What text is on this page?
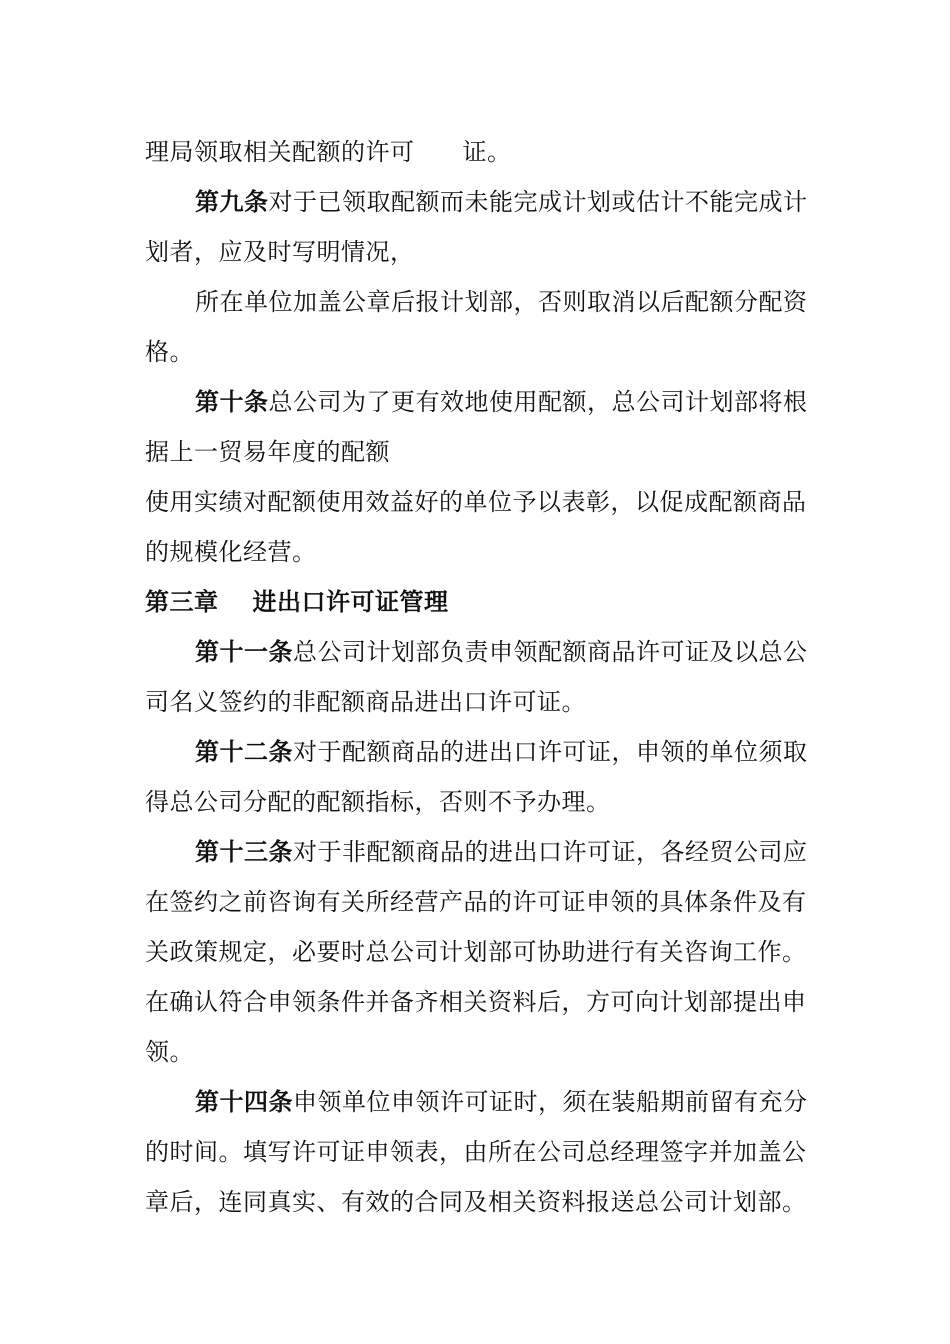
理局领取相关配额的许可 证。
第九条对于已领取配额而未能完成计划或估计不能完成计
划者，应及时写明情况，
所在单位加盖公章后报计划部，否则取消以后配额分配资
格。
第十条总公司为了更有效地使用配额，总公司计划部将根
据上一贸易年度的配额
使用实绩对配额使用效益好的单位予以表彰，以促成配额商品
的规模化经营。
第三章 进出口许可证管理
第十一条总公司计划部负责申领配额商品许可证及以总公
司名义签约的非配额商品进出口许可证。
第十二条对于配额商品的进出口许可证，申领的单位须取
得总公司分配的配额指标，否则不予办理。
第十三条对于非配额商品的进出口许可证，各经贸公司应
在签约之前咨询有关所经营产品的许可证申领的具体条件及有
关政策规定，必要时总公司计划部可协助进行有关咨询工作。
在确认符合申领条件并备齐相关资料后，方可向计划部提出申
领。
第十四条申领单位申领许可证时，须在装船期前留有充分
的时间。填写许可证申领表，由所在公司总经理签字并加盖公
章后，连同真实、有效的合同及相关资料报送总公司计划部。
